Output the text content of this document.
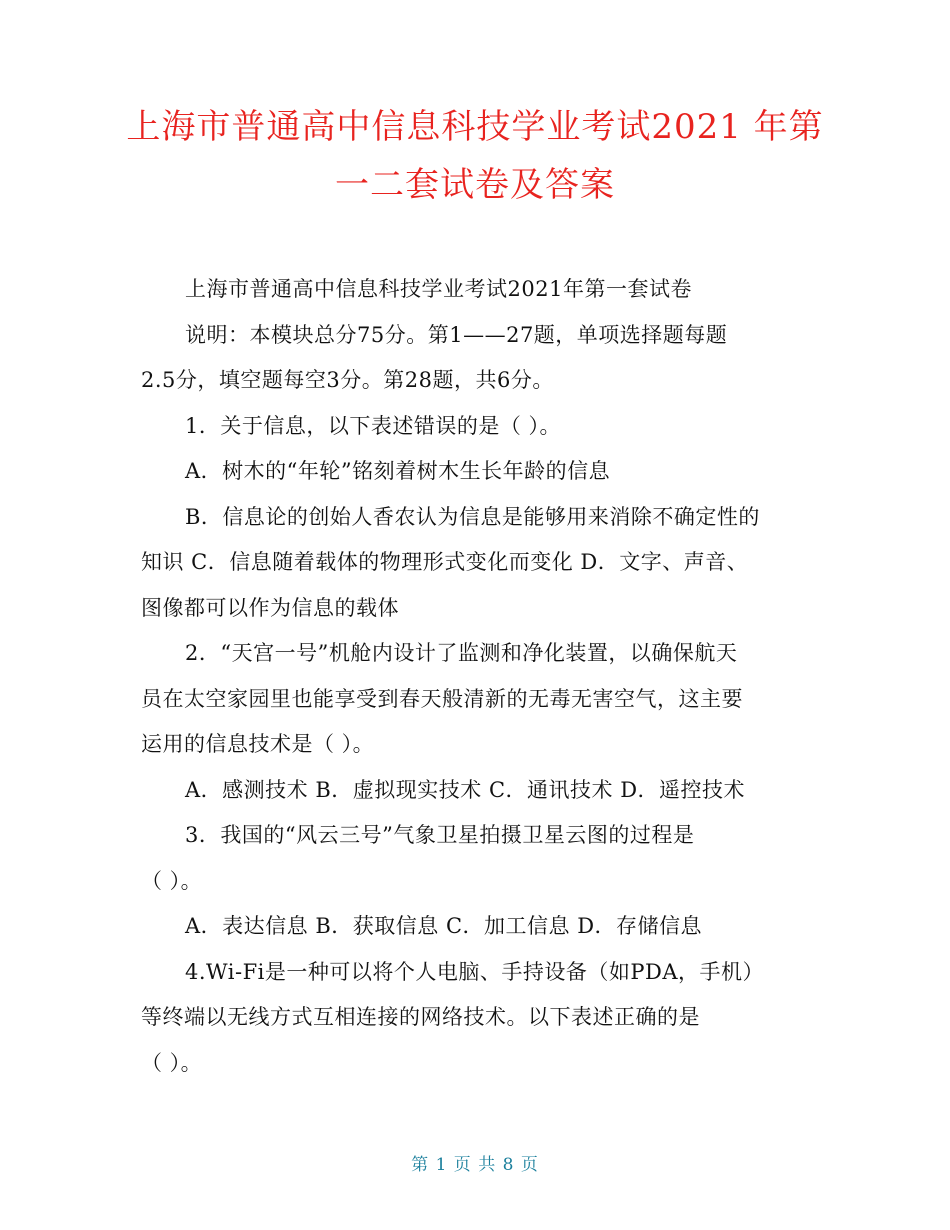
上海市普通高中信息科技学业考试2021 年第
一二套试卷及答案
上海市普通高中信息科技学业考试2021年第一套试卷
说明：本模块总分75分。第1——27题，单项选择题每题
2.5分，填空题每空3分。第28题，共6分。
1．关于信息，以下表述错误的是（ ）。
A．树木的“年轮”铭刻着树木生长年龄的信息
B．信息论的创始人香农认为信息是能够用来消除不确定性的
知识 C．信息随着载体的物理形式变化而变化 D．文字、声音、
图像都可以作为信息的载体
2．“天宫一号”机舱内设计了监测和净化装置，以确保航天
员在太空家园里也能享受到春天般清新的无毒无害空气，这主要
运用的信息技术是（ ）。
A．感测技术 B．虚拟现实技术 C．通讯技术 D．遥控技术
3．我国的“风云三号”气象卫星拍摄卫星云图的过程是
（ ）。
A．表达信息 B．获取信息 C．加工信息 D．存储信息
4.Wi-Fi是一种可以将个人电脑、手持设备（如PDA，手机）
等终端以无线方式互相连接的网络技术。以下表述正确的是
（ ）。
第 1 页 共 8 页
